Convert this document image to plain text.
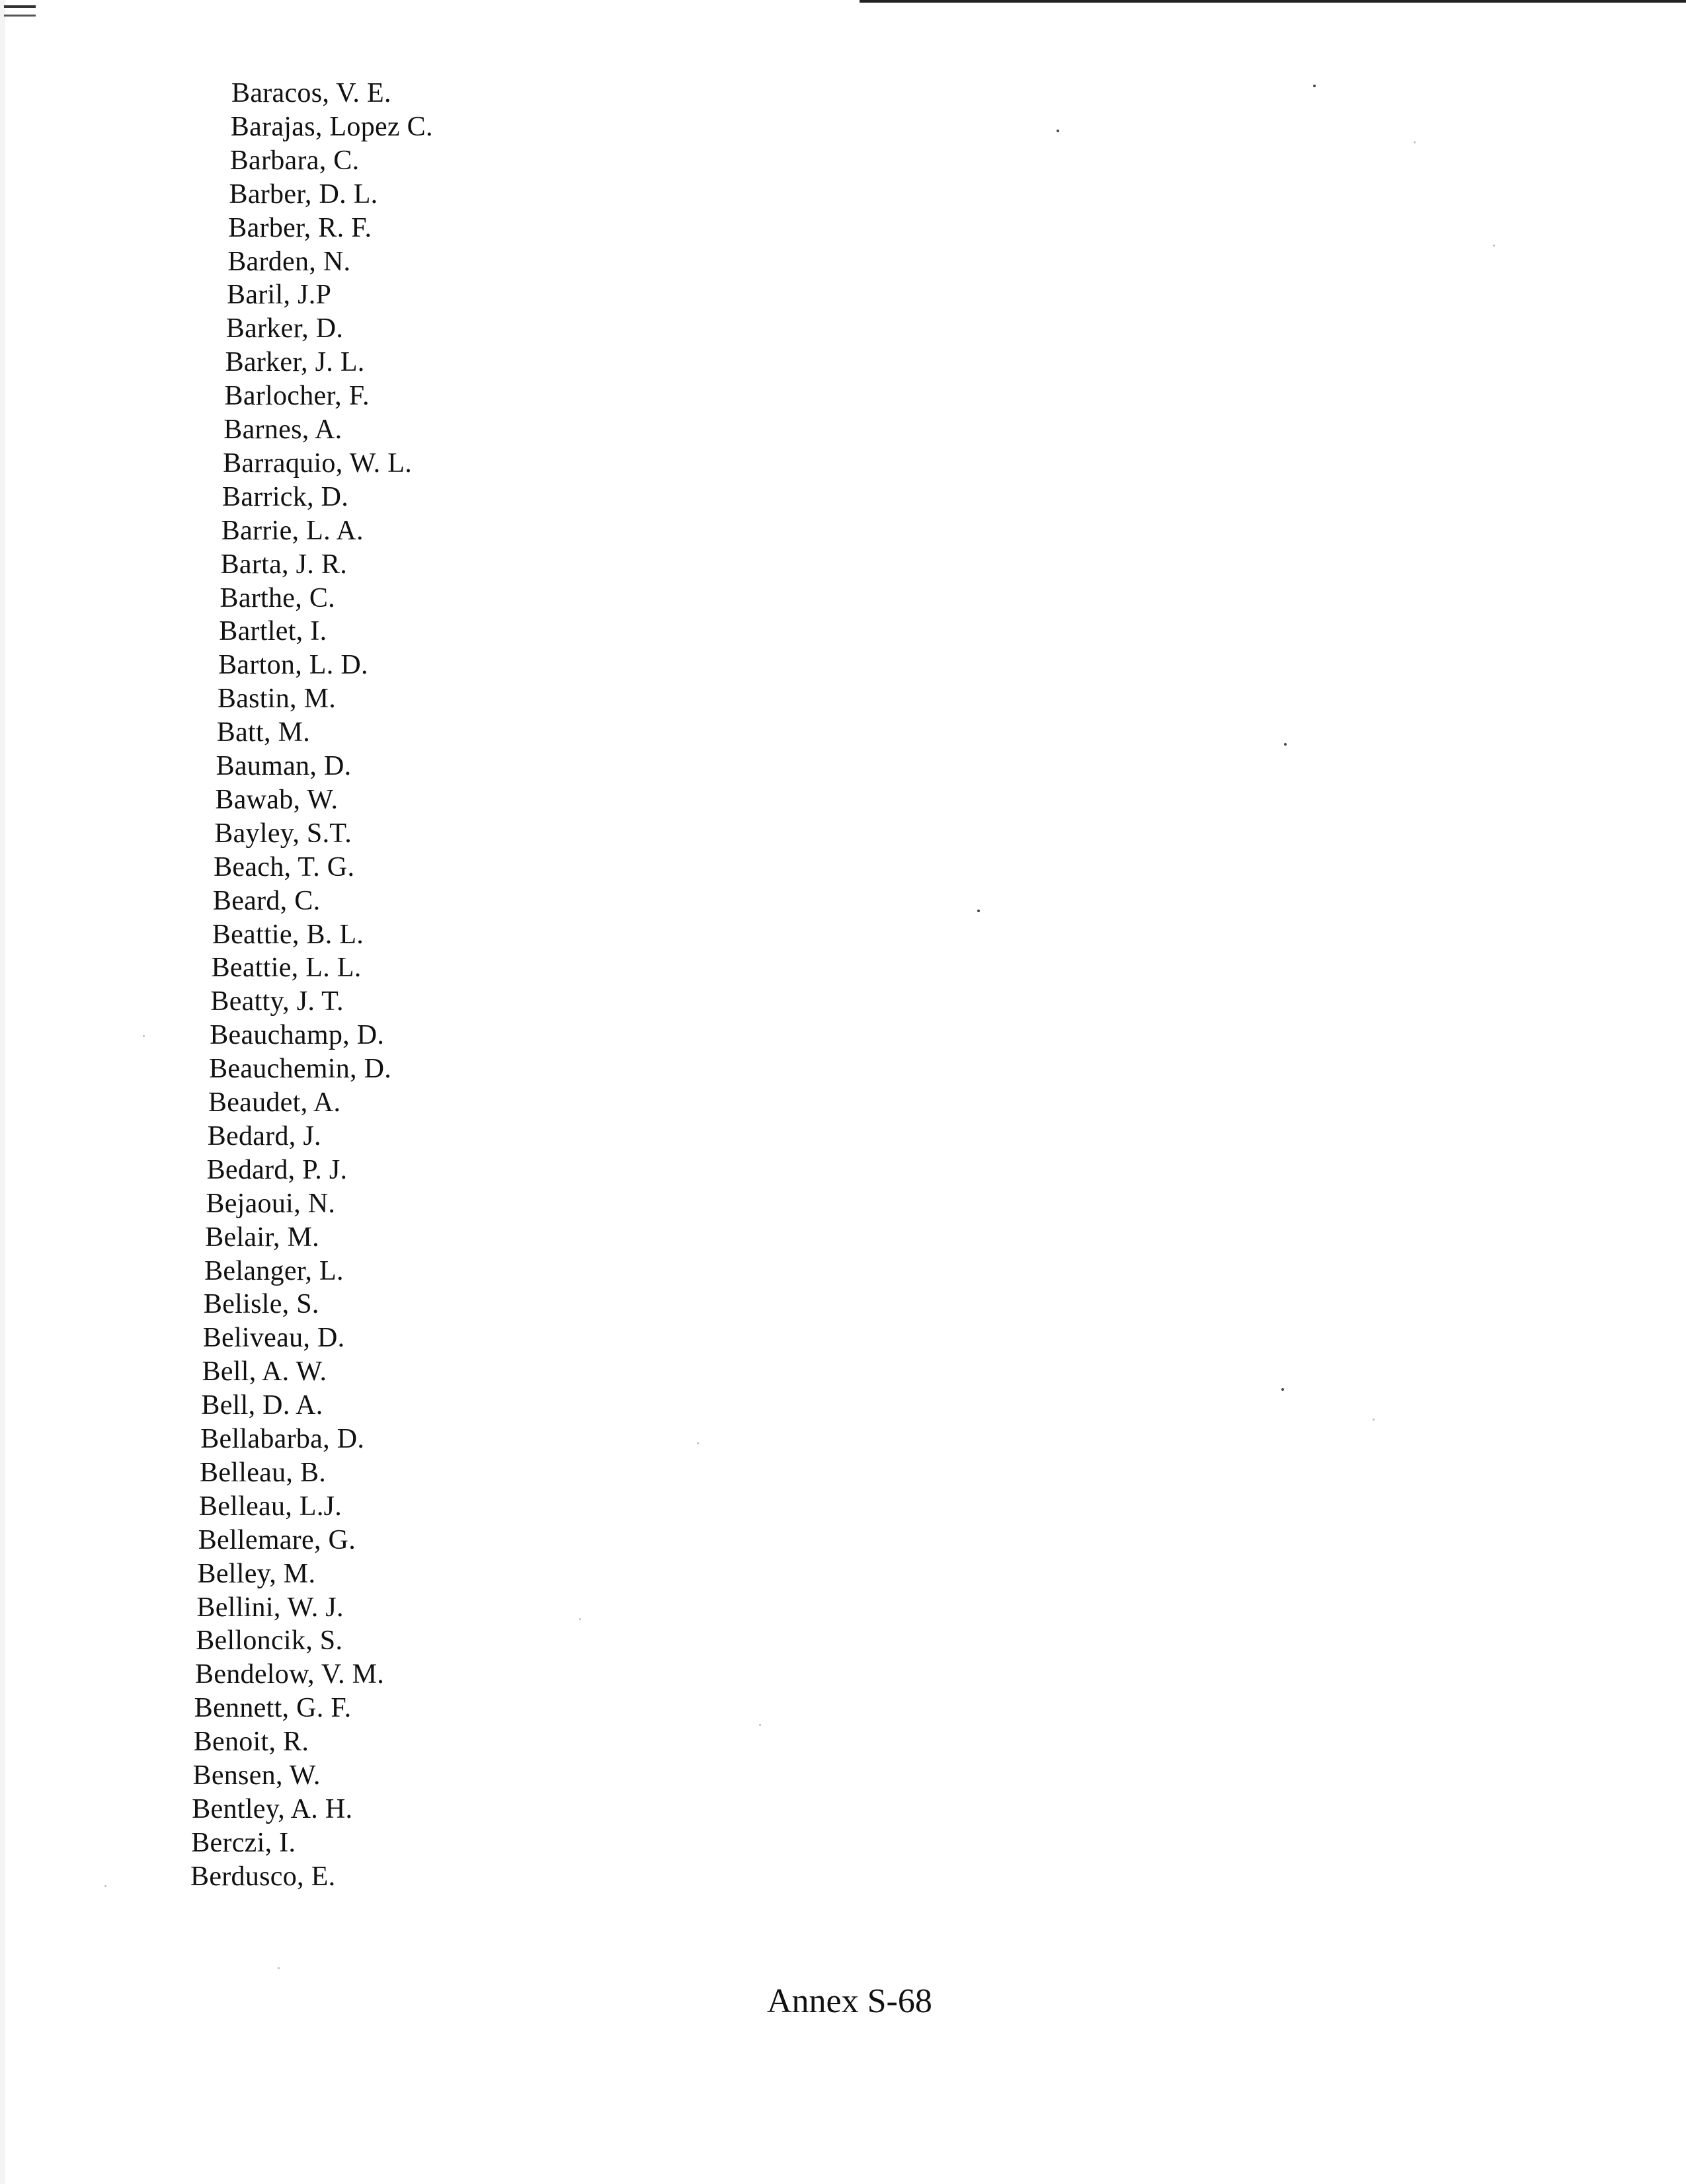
Baracos, V. E.
Barajas, Lopez C.
Barbara, C.
Barber, D. L.
Barber, R. F.
Barden, N.
Baril, J.P
Barker, D.
Barker, J. L.
Barlocher, F.
Barnes, A.
Barraquio, W. L.
Barrick, D.
Barrie, L. A.
Barta, J. R.
Barthe, C.
Bartlet, I.
Barton, L. D.
Bastin, M.
Batt, M.
Bauman, D.
Bawab, W.
Bayley, S.T.
Beach, T. G.
Beard, C.
Beattie, B. L.
Beattie, L. L.
Beatty, J. T.
Beauchamp, D.
Beauchemin, D.
Beaudet, A.
Bedard, J.
Bedard, P. J.
Bejaoui, N.
Belair, M.
Belanger, L.
Belisle, S.
Beliveau, D.
Bell, A. W.
Bell, D. A.
Bellabarba, D.
Belleau, B.
Belleau, L.J.
Bellemare, G.
Belley, M.
Bellini, W. J.
Belloncik, S.
Bendelow, V. M.
Bennett, G. F.
Benoit, R.
Bensen, W.
Bentley, A. H.
Berczi, I.
Berdusco, E.
Annex S-68
